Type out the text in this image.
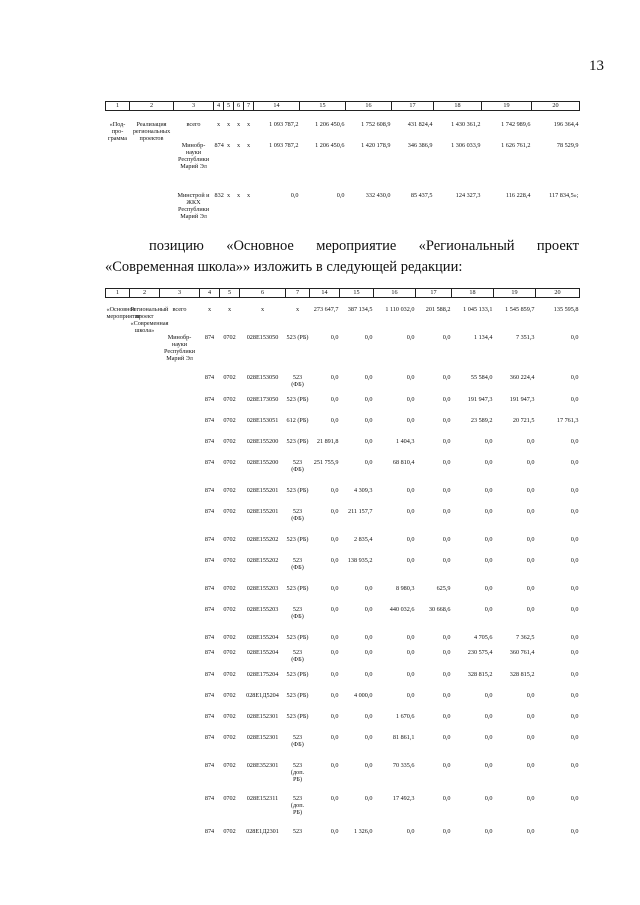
13
1	2	3	4	5	6	7	14	15	16	17	18	19	20

«Под-про-грамма	Реализация региональных проектов	всего	х	х	х	х	1 093 787,2	1 206 450,6	1 752 608,9	431 824,4	1 430 361,2	1 742 989,6	196 364,4
		Минобр-науки Республики Марий Эл	874	х	х	х	1 093 787,2	1 206 450,6	1 420 178,9	346 386,9	1 306 033,9	1 626 761,2	78 529,9

		Минстрой и ЖКХ Республики Марий Эл	832	х	х	х	0,0	0,0	332 430,0	85 437,5	124 327,3	116 228,4	117 834,5»;
позицию «Основное мероприятие «Региональный проект
«Современная школа»» изложить в следующей редакции:
1	2	3	4	5	6	7	14	15	16	17	18	19	20

«Основное мероприятие	Региональный проект «Современная школа»	всего	х	х	х	х	273 647,7	387 134,5	1 110 032,0	201 588,2	1 045 133,1	1 545 859,7	135 595,8
		Минобр-науки Республики Марий Эл	874	0702	028Е153050	523 (РБ)	0,0	0,0	0,0	0,0	1 134,4	7 351,3	0,0

			874	0702	028Е153050	523 (ФБ)	0,0	0,0	0,0	0,0	55 584,0	360 224,4	0,0

			874	0702	028Е173050	523 (РБ)	0,0	0,0	0,0	0,0	191 947,3	191 947,3	0,0

			874	0702	028Е153051	612 (РБ)	0,0	0,0	0,0	0,0	23 589,2	20 721,5	17 761,3

			874	0702	028Е155200	523 (РБ)	21 891,8	0,0	1 404,3	0,0	0,0	0,0	0,0

			874	0702	028Е155200	523 (ФБ)	251 755,9	0,0	68 810,4	0,0	0,0	0,0	0,0

			874	0702	028Е155201	523 (РБ)	0,0	4 309,3	0,0	0,0	0,0	0,0	0,0

			874	0702	028Е155201	523 (ФБ)	0,0	211 157,7	0,0	0,0	0,0	0,0	0,0

			874	0702	028Е155202	523 (РБ)	0,0	2 835,4	0,0	0,0	0,0	0,0	0,0

			874	0702	028Е155202	523 (ФБ)	0,0	138 935,2	0,0	0,0	0,0	0,0	0,0

			874	0702	028Е155203	523 (РБ)	0,0	0,0	8 980,3	625,9	0,0	0,0	0,0

			874	0702	028Е155203	523 (ФБ)	0,0	0,0	440 032,6	30 668,6	0,0	0,0	0,0

			874	0702	028Е155204	523 (РБ)	0,0	0,0	0,0	0,0	4 705,6	7 362,5	0,0

			874	0702	028Е155204	523 (ФБ)	0,0	0,0	0,0	0,0	230 575,4	360 761,4	0,0

			874	0702	028Е175204	523 (РБ)	0,0	0,0	0,0	0,0	328 815,2	328 815,2	0,0

			874	0702	028Е1Д5204	523 (РБ)	0,0	4 000,0	0,0	0,0	0,0	0,0	0,0

			874	0702	028Е152301	523 (РБ)	0,0	0,0	1 670,6	0,0	0,0	0,0	0,0

			874	0702	028Е152301	523 (ФБ)	0,0	0,0	81 861,1	0,0	0,0	0,0	0,0

			874	0702	028Е352301	523 (доп. РБ)	0,0	0,0	70 335,6	0,0	0,0	0,0	0,0

			874	0702	028Е152311	523 (доп. РБ)	0,0	0,0	17 492,3	0,0	0,0	0,0	0,0

			874	0702	028Е1Д2301	523	0,0	1 326,0	0,0	0,0	0,0	0,0	0,0
